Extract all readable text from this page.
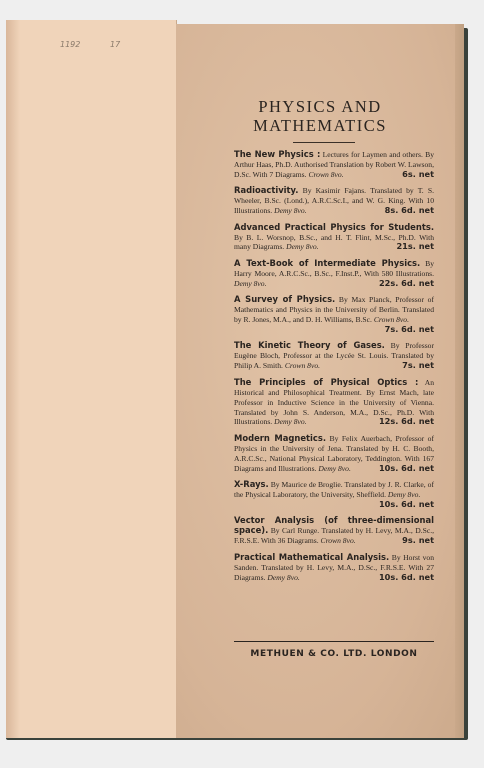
1192	17
PHYSICS AND
MATHEMATICS
The New Physics : Lectures for Laymen and others. By Arthur Haas, Ph.D. Authorised Translation by Robert W. Lawson, D.Sc. With 7 Diagrams. Crown 8vo.	6s. net
Radioactivity. By Kasimir Fajans. Translated by T. S. Wheeler, B.Sc. (Lond.), A.R.C.Sc.I., and W. G. King. With 10 Illustrations. Demy 8vo.	8s. 6d. net
Advanced Practical Physics for Students. By B. L. Worsnop, B.Sc., and H. T. Flint, M.Sc., Ph.D. With many Diagrams. Demy 8vo.	21s. net
A Text-Book of Intermediate Physics. By Harry Moore, A.R.C.Sc., B.Sc., F.Inst.P., With 580 Illustrations. Demy 8vo.	22s. 6d. net
A Survey of Physics. By Max Planck, Professor of Mathematics and Physics in the University of Berlin. Translated by R. Jones, M.A., and D. H. Williams, B.Sc. Crown 8vo.
7s. 6d. net
The Kinetic Theory of Gases. By Professor Eugène Bloch, Professor at the Lycée St. Louis. Translated by Philip A. Smith. Crown 8vo.	7s. net
The Principles of Physical Optics : An Historical and Philosophical Treatment. By Ernst Mach, late Professor in Inductive Science in the University of Vienna. Translated by John S. Anderson, M.A., D.Sc., Ph.D. With Illustrations. Demy 8vo.	12s. 6d. net
Modern Magnetics. By Felix Auerbach, Professor of Physics in the University of Jena. Translated by H. C. Booth, A.R.C.Sc., National Physical Laboratory, Teddington. With 167 Diagrams and Illustrations. Demy 8vo.	10s. 6d. net
X-Rays. By Maurice de Broglie. Translated by J. R. Clarke, of the Physical Laboratory, the University, Sheffield. Demy 8vo.
10s. 6d. net
Vector Analysis (of three-dimensional space). By Carl Runge. Translated by H. Levy, M.A., D.Sc., F.R.S.E. With 36 Diagrams. Crown 8vo.	9s. net
Practical Mathematical Analysis. By Horst von Sanden. Translated by H. Levy, M.A., D.Sc., F.R.S.E. With 27 Diagrams. Demy 8vo.	10s. 6d. net
METHUEN & CO. LTD. LONDON
